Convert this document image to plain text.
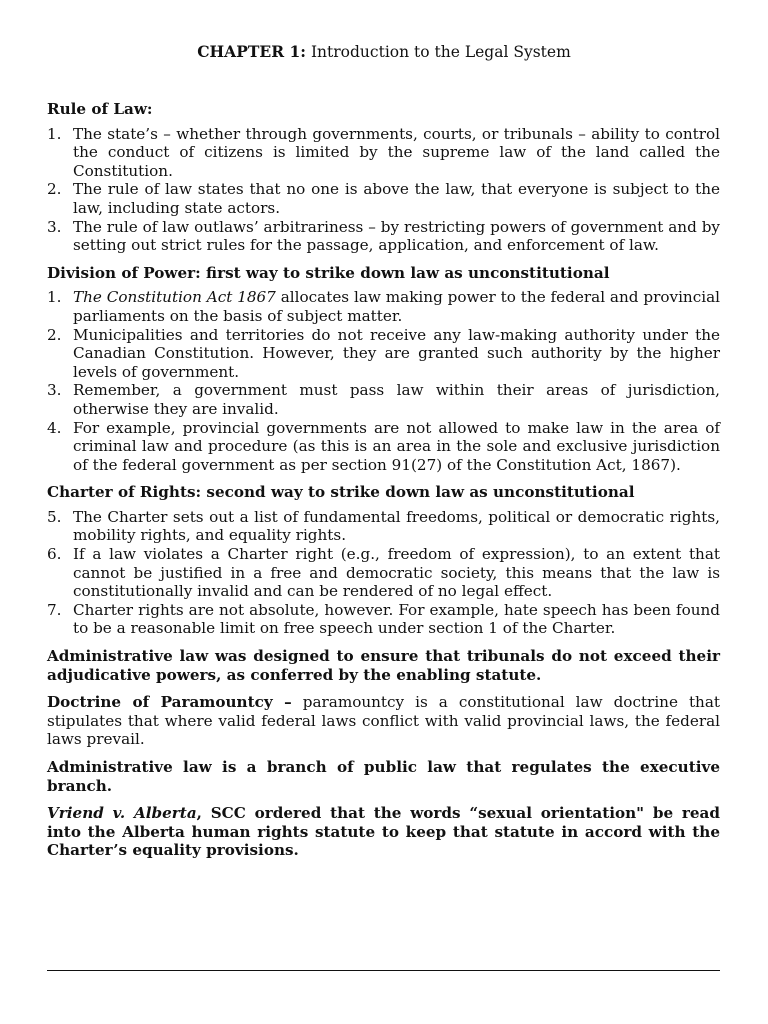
CHAPTER 1: Introduction to the Legal System

Rule of Law:

1. The state’s – whether through governments, courts, or tribunals – ability to control the conduct of citizens is limited by the supreme law of the land called the Constitution.
2. The rule of law states that no one is above the law, that everyone is subject to the law, including state actors.
3. The rule of law outlaws’ arbitrariness – by restricting powers of government and by setting out strict rules for the passage, application, and enforcement of law.

Division of Power: first way to strike down law as unconstitutional

1. The Constitution Act 1867 allocates law making power to the federal and provincial parliaments on the basis of subject matter.
2. Municipalities and territories do not receive any law-making authority under the Canadian Constitution. However, they are granted such authority by the higher levels of government.
3. Remember, a government must pass law within their areas of jurisdiction, otherwise they are invalid.
4. For example, provincial governments are not allowed to make law in the area of criminal law and procedure (as this is an area in the sole and exclusive jurisdiction of the federal government as per section 91(27) of the Constitution Act, 1867).

Charter of Rights: second way to strike down law as unconstitutional

5. The Charter sets out a list of fundamental freedoms, political or democratic rights, mobility rights, and equality rights.
6. If a law violates a Charter right (e.g., freedom of expression), to an extent that cannot be justified in a free and democratic society, this means that the law is constitutionally invalid and can be rendered of no legal effect.
7. Charter rights are not absolute, however. For example, hate speech has been found to be a reasonable limit on free speech under section 1 of the Charter.

Administrative law was designed to ensure that tribunals do not exceed their adjudicative powers, as conferred by the enabling statute.

Doctrine of Paramountcy – paramountcy is a constitutional law doctrine that stipulates that where valid federal laws conflict with valid provincial laws, the federal laws prevail.

Administrative law is a branch of public law that regulates the executive branch.

Vriend v. Alberta, SCC ordered that the words “sexual orientation" be read into the Alberta human rights statute to keep that statute in accord with the Charter’s equality provisions.
